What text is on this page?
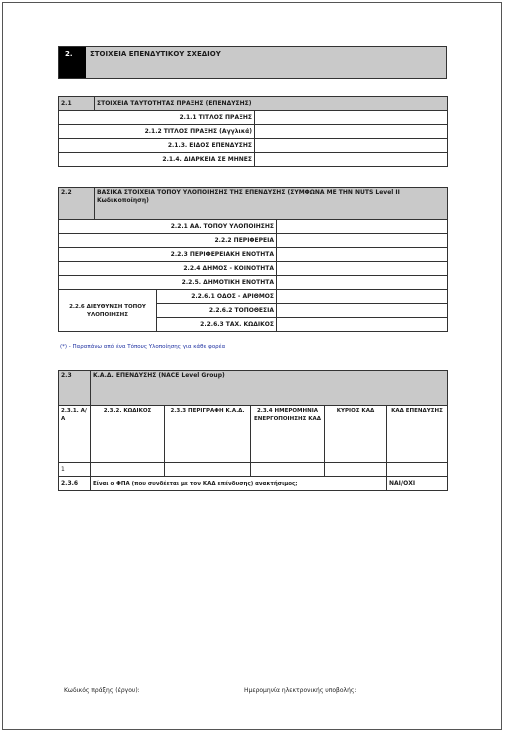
2.	ΣΤΟΙΧΕΙΑ ΕΠΕΝΔΥΤΙΚΟΥ ΣΧΕΔΙΟΥ
2.1	ΣΤΟΙΧΕΙΑ ΤΑΥΤΟΤΗΤΑΣ ΠΡΑΞΗΣ (ΕΠΕΝΔΥΣΗΣ)	
2.1.1 ΤΙΤΛΟΣ ΠΡΑΞΗΣ		
2.1.2 ΤΙΤΛΟΣ ΠΡΑΞΗΣ (Αγγλικά)		
2.1.3. ΕΙΔΟΣ ΕΠΕΝΔΥΣΗΣ		
2.1.4. ΔΙΑΡΚΕΙΑ ΣΕ ΜΗΝΕΣ		
2.2	ΒΑΣΙΚΑ ΣΤΟΙΧΕΙΑ ΤΟΠΟΥ ΥΛΟΠΟΙΗΣΗΣ ΤΗΣ ΕΠΕΝΔΥΣΗΣ (ΣΥΜΦΩΝΑ ΜΕ ΤΗΝ NUTS Level II Κωδικοποίηση)		
2.2.1 ΑΑ. ΤΟΠΟΥ ΥΛΟΠΟΙΗΣΗΣ			
2.2.2 ΠΕΡΙΦΕΡΕΙΑ			
2.2.3 ΠΕΡΙΦΕΡΕΙΑΚΗ ΕΝΟΤΗΤΑ			
2.2.4 ΔΗΜΟΣ - ΚΟΙΝΟΤΗΤΑ			
2.2.5. ΔΗΜΟΤΙΚΗ ΕΝΟΤΗΤΑ			
2.2.6 ΔΙΕΥΘΥΝΣΗ ΤΟΠΟΥ ΥΛΟΠΟΙΗΣΗΣ		2.2.6.1 ΟΔΟΣ - ΑΡΙΘΜΟΣ	
		2.2.6.2 ΤΟΠΟΘΕΣΙΑ	
		2.2.6.3 ΤΑΧ. ΚΩΔΙΚΟΣ	
(*) - Παραπάνω από ένα Τόπους Υλοποίησης για κάθε φορέα
2.3	Κ.Α.Δ. ΕΠΕΝΔΥΣΗΣ (NACE Level Group)				
2.3.1. Α/Α	2.3.2. ΚΩΔΙΚΟΣ	2.3.3 ΠΕΡΙΓΡΑΦΗ Κ.Α.Δ.	2.3.4 ΗΜΕΡΟΜΗΝΙΑ ΕΝΕΡΓΟΠΟΙΗΣΗΣ ΚΑΔ	ΚΥΡΙΟΣ ΚΑΔ	ΚΑΔ ΕΠΕΝΔΥΣΗΣ
1					
2.3.6	Είναι ο ΦΠΑ (που συνδέεται με τον ΚΑΔ επένδυσης) ανακτήσιμος;				ΝΑΙ/ΟΧΙ
Κωδικός πράξης (έργου):	Ημερομηνία ηλεκτρονικής υποβολής:
